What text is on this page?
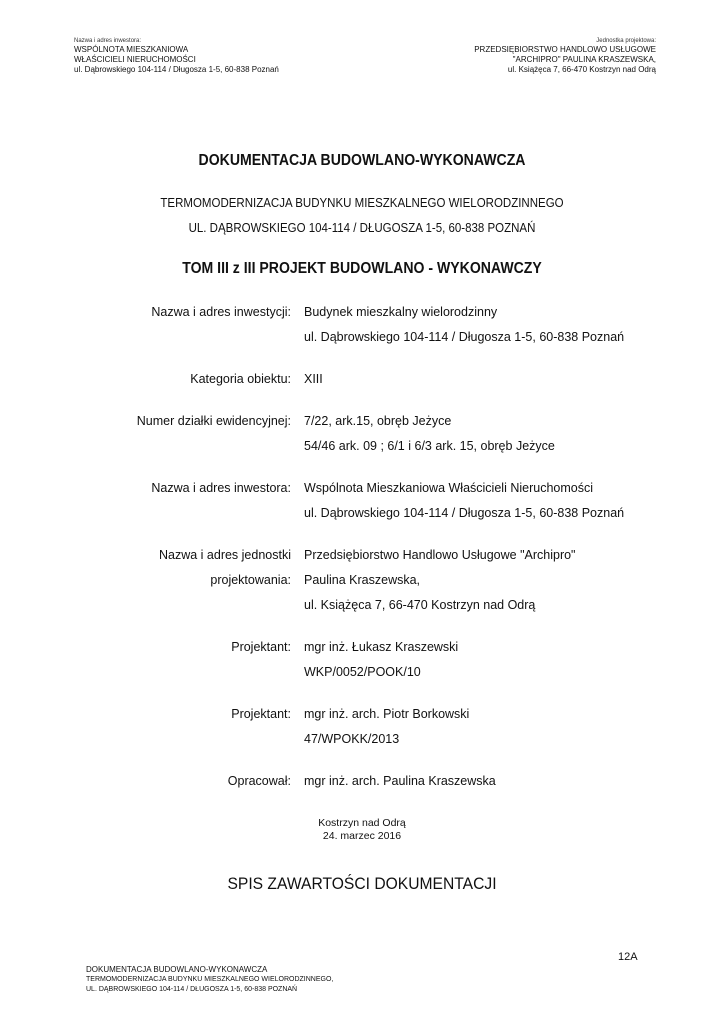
Nazwa i adres inwestora:
WSPÓLNOTA MIESZKANIOWA
WŁAŚCICIELI NIERUCHOMOŚCI
ul. Dąbrowskiego 104-114 / Długosza 1-5, 60-838 Poznań
Jednostka projektowa:
PRZEDSIĘBIORSTWO HANDLOWO USŁUGOWE
"ARCHIPRO" PAULINA KRASZEWSKA,
ul. Książęca 7, 66-470 Kostrzyn nad Odrą
DOKUMENTACJA BUDOWLANO-WYKONAWCZA
TERMOMODERNIZACJA BUDYNKU MIESZKALNEGO WIELORODZINNEGO
UL. DĄBROWSKIEGO 104-114 / DŁUGOSZA 1-5, 60-838 POZNAŃ
TOM III z III PROJEKT BUDOWLANO - WYKONAWCZY
Nazwa i adres inwestycji: Budynek mieszkalny wielorodzinny
ul. Dąbrowskiego 104-114 / Długosza 1-5, 60-838 Poznań
Kategoria obiektu: XIII
Numer działki ewidencyjnej: 7/22, ark.15, obręb Jeżyce
54/46 ark. 09 ; 6/1 i 6/3 ark. 15, obręb Jeżyce
Nazwa i adres inwestora: Wspólnota Mieszkaniowa Właścicieli Nieruchomości
ul. Dąbrowskiego 104-114 / Długosza 1-5, 60-838 Poznań
Nazwa i adres jednostki
projektowania:
Przedsiębiorstwo Handlowo Usługowe "Archipro"
Paulina Kraszewska,
ul. Książęca 7, 66-470 Kostrzyn nad Odrą
Projektant: mgr inż. Łukasz Kraszewski
WKP/0052/POOK/10
Projektant: mgr inż. arch. Piotr Borkowski
47/WPOKK/2013
Opracował: mgr inż. arch. Paulina Kraszewska
Kostrzyn nad Odrą
24. marzec 2016
SPIS ZAWARTOŚCI DOKUMENTACJI
12A
DOKUMENTACJA BUDOWLANO-WYKONAWCZA
TERMOMODERNIZACJA BUDYNKU MIESZKALNEGO WIELORODZINNEGO,
UL. DĄBROWSKIEGO 104-114 / DŁUGOSZA 1-5, 60-838 POZNAŃ
